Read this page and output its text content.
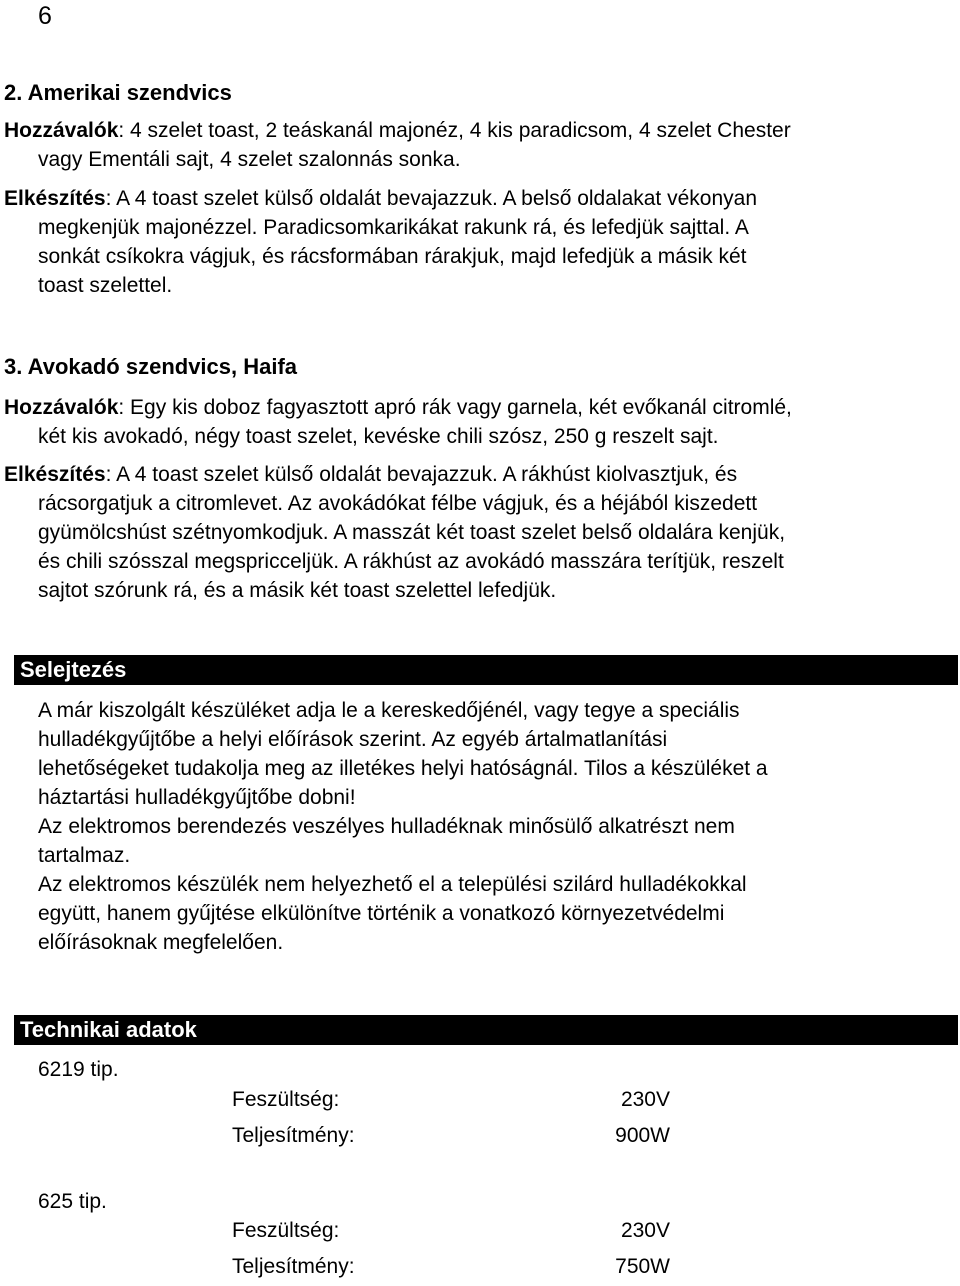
6
2. Amerikai szendvics
Hozzávalók: 4 szelet toast, 2 teáskanál majonéz, 4 kis paradicsom, 4 szelet Chester
vagy Ementáli sajt, 4 szelet szalonnás sonka.
Elkészítés: A 4 toast szelet külső oldalát bevajazzuk. A belső oldalakat vékonyan
megkenjük majonézzel. Paradicsomkarikákat rakunk rá, és lefedjük sajttal. A
sonkát csíkokra vágjuk, és rácsformában rárakjuk, majd lefedjük a másik két
toast szelettel.
3. Avokadó szendvics, Haifa
Hozzávalók: Egy kis doboz fagyasztott apró rák vagy garnela, két evőkanál citromlé,
két kis avokadó, négy toast szelet, kevéske chili szósz, 250 g reszelt sajt.
Elkészítés: A 4 toast szelet külső oldalát bevajazzuk. A rákhúst kiolvasztjuk, és
rácsorgatjuk a citromlevet. Az avokádókat félbe vágjuk, és a héjából kiszedett
gyümölcshúst szétnyomkodjuk. A masszát két toast szelet belső oldalára kenjük,
és chili szósszal megspricceljük. A rákhúst az avokádó masszára terítjük, reszelt
sajtot szórunk rá, és a másik két toast szelettel lefedjük.
Selejtezés
A már kiszolgált készüléket adja le a kereskedőjénél, vagy tegye a speciális
hulladékgyűjtőbe a helyi előírások szerint. Az egyéb ártalmatlanítási
lehetőségeket tudakolja meg az illetékes helyi hatóságnál. Tilos a készüléket a
háztartási hulladékgyűjtőbe dobni!
Az elektromos berendezés veszélyes hulladéknak minősülő alkatrészt nem
tartalmaz.
Az elektromos készülék nem helyezhető el a települési szilárd hulladékokkal
együtt, hanem gyűjtése elkülönítve történik a vonatkozó környezetvédelmi
előírásoknak megfelelően.
Technikai adatok
6219 tip.
Feszültség:	230V
Teljesítmény:	900W
625 tip.
Feszültség:	230V
Teljesítmény:	750W
